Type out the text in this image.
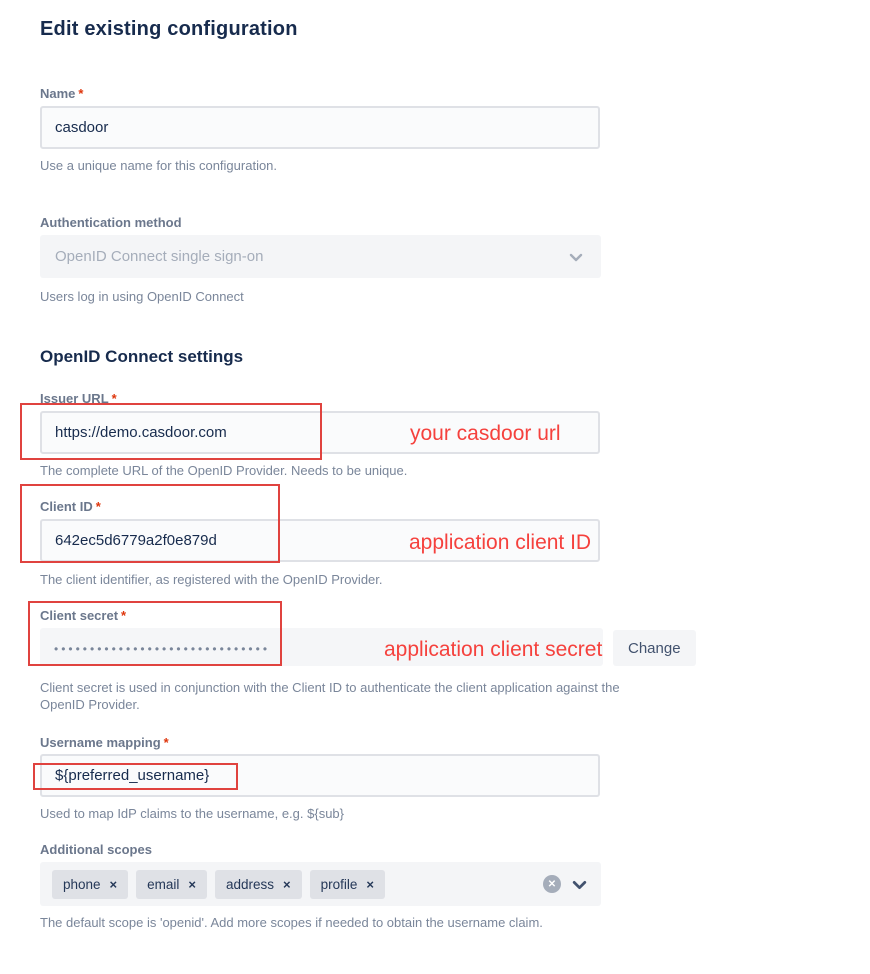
Edit existing configuration
Name *
casdoor
Use a unique name for this configuration.
Authentication method
OpenID Connect single sign-on
Users log in using OpenID Connect
OpenID Connect settings
Issuer URL *
https://demo.casdoor.com
The complete URL of the OpenID Provider. Needs to be unique.
Client ID *
642ec5d6779a2f0e879d
The client identifier, as registered with the OpenID Provider.
Client secret *
••••••••••••••••••••••••••••••	Change
Client secret is used in conjunction with the Client ID to authenticate the client application against the OpenID Provider.
Username mapping *
${preferred_username}
Used to map IdP claims to the username, e.g. ${sub}
Additional scopes
phone × email × address × profile ×	✕
The default scope is 'openid'. Add more scopes if needed to obtain the username claim.
your casdoor url
application client ID
application client secret
